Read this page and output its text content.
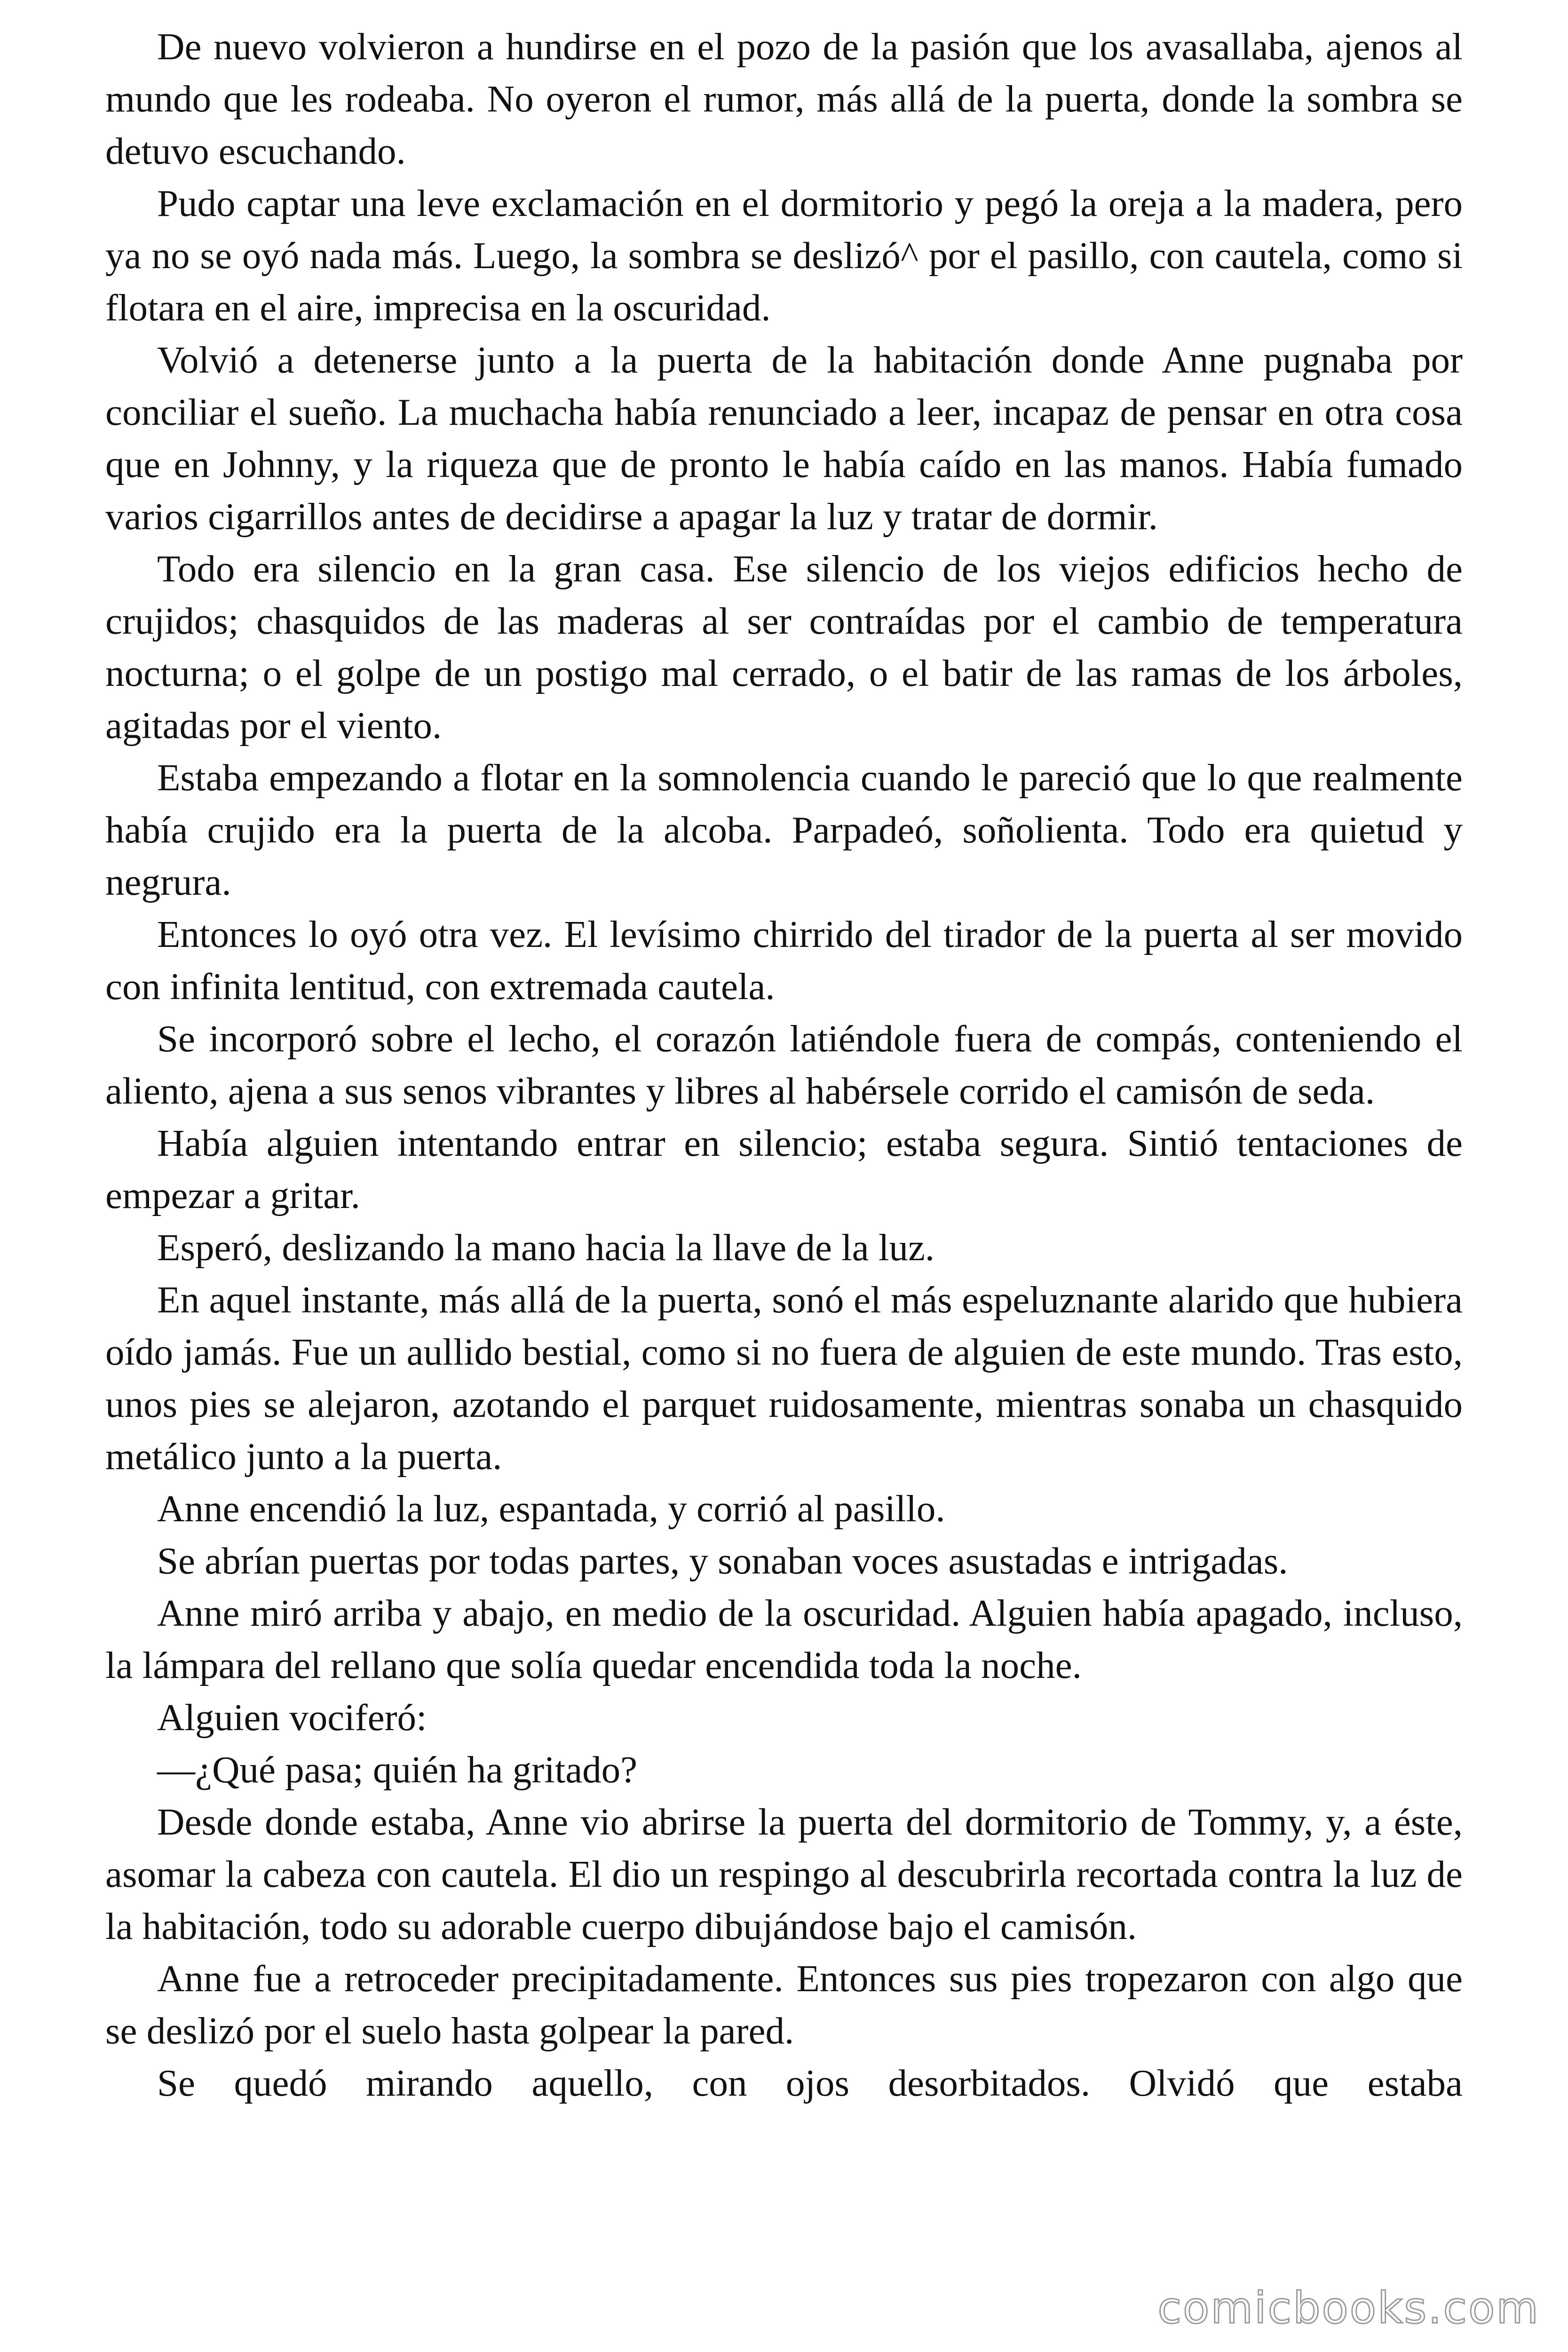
De nuevo volvieron a hundirse en el pozo de la pasión que los avasallaba, ajenos al mundo que les rodeaba. No oyeron el rumor, más allá de la puerta, donde la sombra se detuvo escuchando.

Pudo captar una leve exclamación en el dormitorio y pegó la oreja a la madera, pero ya no se oyó nada más. Luego, la sombra se deslizó^ por el pasillo, con cautela, como si flotara en el aire, imprecisa en la oscuridad.

Volvió a detenerse junto a la puerta de la habitación donde Anne pugnaba por conciliar el sueño. La muchacha había renunciado a leer, incapaz de pensar en otra cosa que en Johnny, y la riqueza que de pronto le había caído en las manos. Había fumado varios cigarrillos antes de decidirse a apagar la luz y tratar de dormir.

Todo era silencio en la gran casa. Ese silencio de los viejos edificios hecho de crujidos; chasquidos de las maderas al ser contraídas por el cambio de temperatura nocturna; o el golpe de un postigo mal cerrado, o el batir de las ramas de los árboles, agitadas por el viento.

Estaba empezando a flotar en la somnolencia cuando le pareció que lo que realmente había crujido era la puerta de la alcoba. Parpadeó, soñolienta. Todo era quietud y negrura.

Entonces lo oyó otra vez. El levísimo chirrido del tirador de la puerta al ser movido con infinita lentitud, con extremada cautela.

Se incorporó sobre el lecho, el corazón latiéndole fuera de compás, conteniendo el aliento, ajena a sus senos vibrantes y libres al habérsele corrido el camisón de seda.

Había alguien intentando entrar en silencio; estaba segura. Sintió tentaciones de empezar a gritar.

Esperó, deslizando la mano hacia la llave de la luz.

En aquel instante, más allá de la puerta, sonó el más espeluznante alarido que hubiera oído jamás. Fue un aullido bestial, como si no fuera de alguien de este mundo. Tras esto, unos pies se alejaron, azotando el parquet ruidosamente, mientras sonaba un chasquido metálico junto a la puerta.

Anne encendió la luz, espantada, y corrió al pasillo.

Se abrían puertas por todas partes, y sonaban voces asustadas e intrigadas.

Anne miró arriba y abajo, en medio de la oscuridad. Alguien había apagado, incluso, la lámpara del rellano que solía quedar encendida toda la noche.

Alguien vociferó:

—¿Qué pasa; quién ha gritado?

Desde donde estaba, Anne vio abrirse la puerta del dormitorio de Tommy, y, a éste, asomar la cabeza con cautela. El dio un respingo al descubrirla recortada contra la luz de la habitación, todo su adorable cuerpo dibujándose bajo el camisón.

Anne fue a retroceder precipitadamente. Entonces sus pies tropezaron con algo que se deslizó por el suelo hasta golpear la pared.

Se quedó mirando aquello, con ojos desorbitados. Olvidó que estaba

comicbooks.com
